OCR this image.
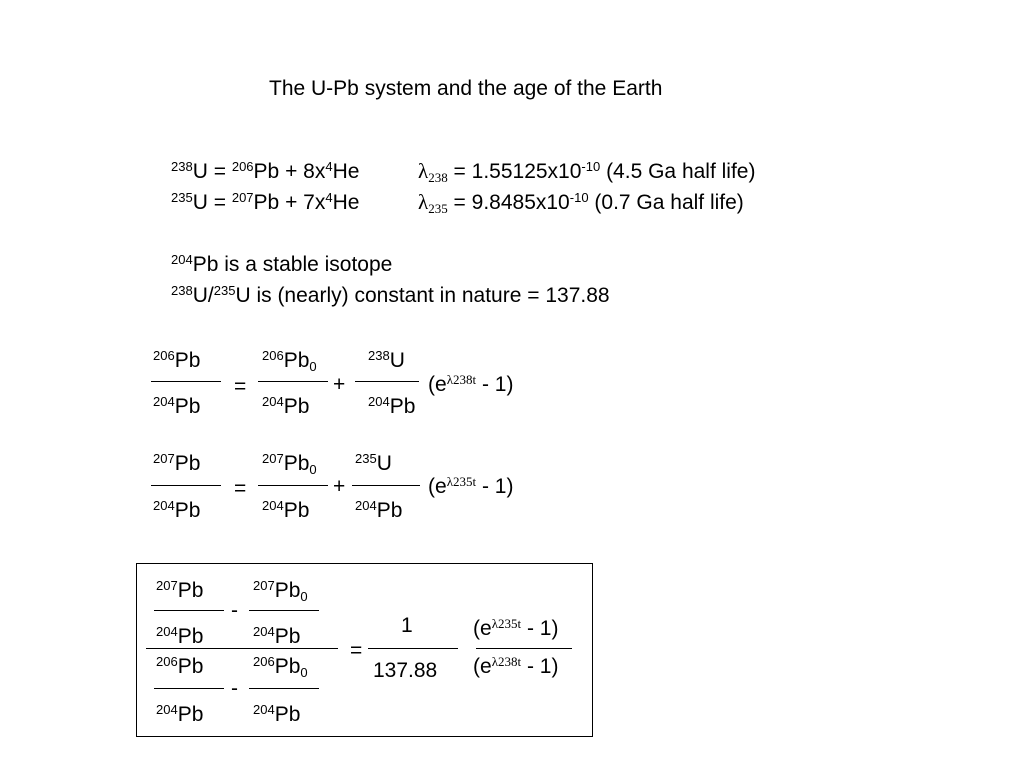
The U-Pb system and the age of the Earth
$^{238}U = ^{206}Pb + 8x^4He$	$\lambda_{238} = 1.55125x10^{-10}$ (4.5 Ga half life)
$^{235}U = ^{207}Pb + 7x^4He$	$\lambda_{235} = 9.8485x10^{-10}$ (0.7 Ga half life)
$^{204}$Pb is a stable isotope
$^{238}$U/$^{235}$U is (nearly) constant in nature = 137.88
$^{206}$Pb
$^{204}$Pb
=
$^{206}Pb_0$
$^{204}$Pb
+
$^{238}$U
$^{204}$Pb
$(e^{\lambda 238t} - 1)$
$^{207}$Pb
$^{204}$Pb
=
$^{207}Pb_0$
$^{204}$Pb
+
$^{235}$U
$^{204}$Pb
$(e^{\lambda 235t} - 1)$
$^{207}$Pb
$^{204}$Pb
-
$^{207}Pb_0$
$^{204}$Pb
$^{206}$Pb
$^{204}$Pb
-
$^{206}Pb_0$
$^{204}$Pb
=
1
137.88
$(e^{\lambda 235t} - 1)$
$(e^{\lambda 238t} - 1)$
